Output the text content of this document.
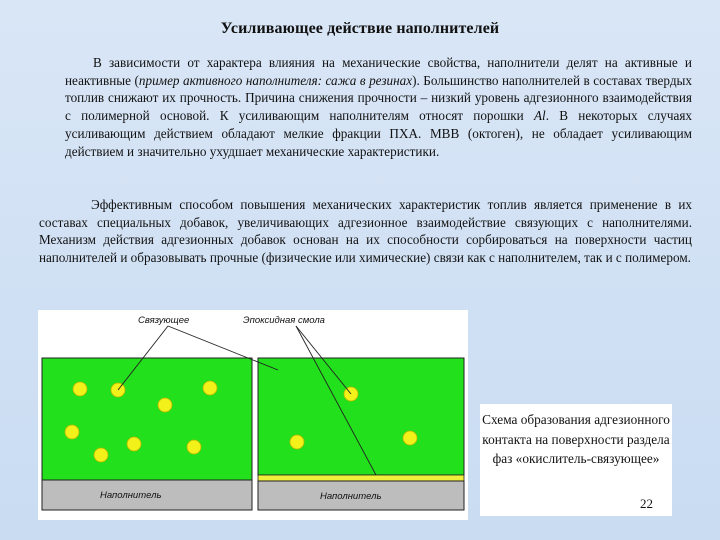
Усиливающее действие наполнителей
В зависимости от характера влияния на механические свойства, наполнители делят на активные и неактивные (пример активного наполнителя: сажа в резинах). Большинство наполнителей в составах твердых топлив снижают их прочность. Причина снижения прочности – низкий уровень адгезионного взаимодействия с полимерной основой. К усиливающим наполнителям относят порошки Al. В некоторых случаях усиливающим действием обладают мелкие фракции ПХА. МВВ (октоген), не обладает усиливающим действием и значительно ухудшает механические характеристики.
Эффективным способом повышения механических характеристик топлив является применение в их составах специальных добавок, увеличивающих адгезионное взаимодействие связующих с наполнителями. Механизм действия адгезионных добавок основан на их способности сорбироваться на поверхности частиц наполнителей и образовывать прочные (физические или химические) связи как с наполнителем, так и с полимером.
Связующее	Эпоксидная смола
Наполнитель	Наполнитель
Схема образования адгезионного контакта на поверхности раздела фаз «окислитель-связующее»
22
